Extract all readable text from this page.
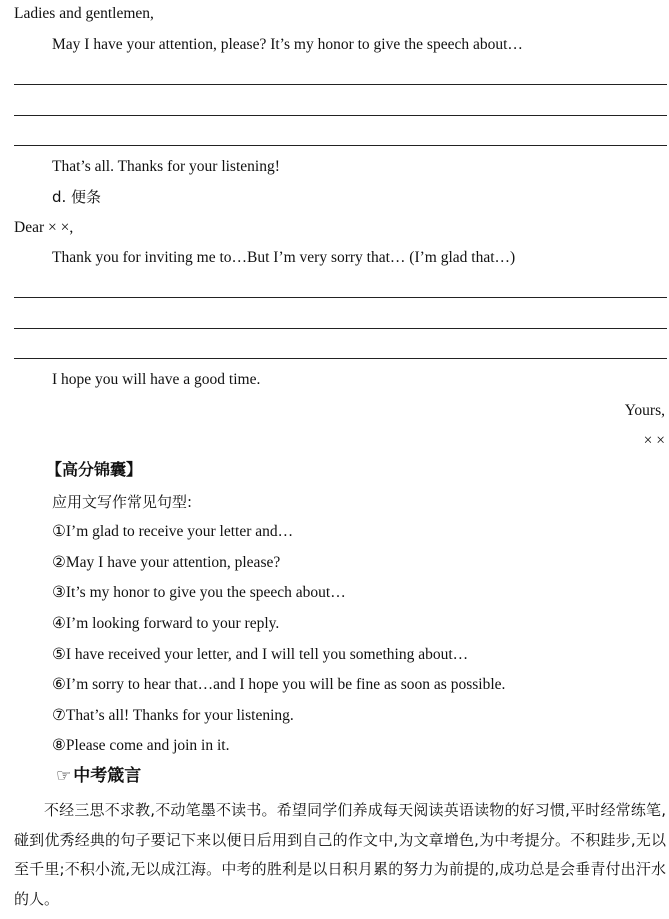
Ladies and gentlemen,
May I have your attention, please? It’s my honor to give the speech about…
That’s all. Thanks for your listening!
d. 便条
Dear × ×,
Thank you for inviting me to…But I’m very sorry that… (I’m glad that…)
I hope you will have a good time.
Yours,
× ×
【高分锦囊】
应用文写作常见句型:
①I’m glad to receive your letter and…
②May I have your attention, please?
③It’s my honor to give you the speech about…
④I’m looking forward to your reply.
⑤I have received your letter, and I will tell you something about…
⑥I’m sorry to hear that…and I hope you will be fine as soon as possible.
⑦That’s all! Thanks for your listening.
⑧Please come and join in it.
☞ 中考箴言
不经三思不求教,不动笔墨不读书。希望同学们养成每天阅读英语读物的好习惯,平时经常练笔,碰到优秀经典的句子要记下来以便日后用到自己的作文中,为文章增色,为中考提分。不积跬步,无以至千里;不积小流,无以成江海。中考的胜利是以日积月累的努力为前提的,成功总是会垂青付出汗水的人。
